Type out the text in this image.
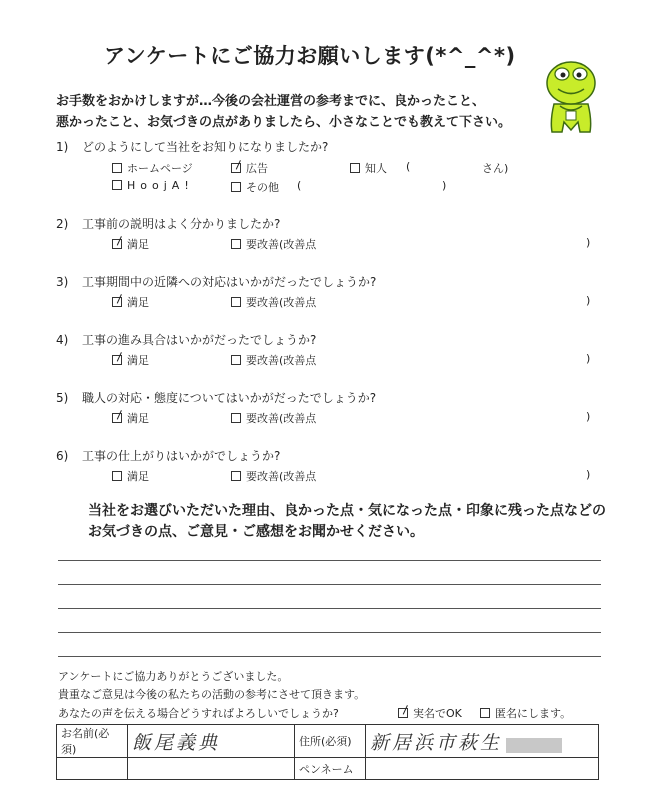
アンケートにご協力お願いします(*^_^*)
お手数をおかけしますが…今後の会社運営の参考までに、良かったこと、
悪かったこと、お気づきの点がありましたら、小さなことでも教えて下さい。
1) どのようにして当社をお知りになりましたか?
ホームページ	広告	知人 (	さん)
HoojA!	その他 (	)
2) 工事前の説明はよく分かりましたか?
満足	要改善(改善点	)
3) 工事期間中の近隣への対応はいかがだったでしょうか?
満足	要改善(改善点	)
4) 工事の進み具合はいかがだったでしょうか?
満足	要改善(改善点	)
5) 職人の対応・態度についてはいかがだったでしょうか?
満足	要改善(改善点	)
6) 工事の仕上がりはいかがでしょうか?
満足	要改善(改善点	)
当社をお選びいただいた理由、良かった点・気になった点・印象に残った点などの
お気づきの点、ご意見・ご感想をお聞かせください。
アンケートにご協力ありがとうございました。
貴重なご意見は今後の私たちの活動の参考にさせて頂きます。
あなたの声を伝える場合どうすればよろしいでしょうか?	実名でOK	匿名にします。
お名前(必須)	飯尾義典	住所(必須)	新居浜市萩生
		ペンネーム	
